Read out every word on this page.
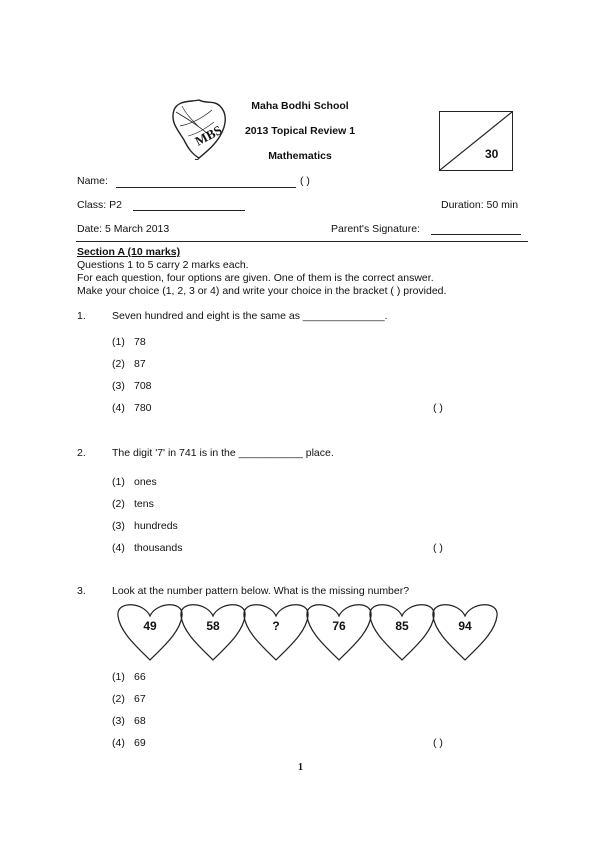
MBS
Maha Bodhi School
2013 Topical Review 1
Mathematics	30
Name:	( )
Class: P2	Duration: 50 min
Date: 5 March 2013	Parent's Signature:
Section A (10 marks)
Questions 1 to 5 carry 2 marks each.
For each question, four options are given. One of them is the correct answer.
Make your choice (1, 2, 3 or 4) and write your choice in the bracket ( ) provided.
1. Seven hundred and eight is the same as ______________.
(1) 78
(2) 87
(3) 708
(4) 780	( )
2. The digit '7' in 741 is in the ___________ place.
(1) ones
(2) tens
(3) hundreds
(4) thousands	( )
3. Look at the number pattern below. What is the missing number?
49	58	?	76	85	94
(1) 66
(2) 67
(3) 68
(4) 69	( )
1
